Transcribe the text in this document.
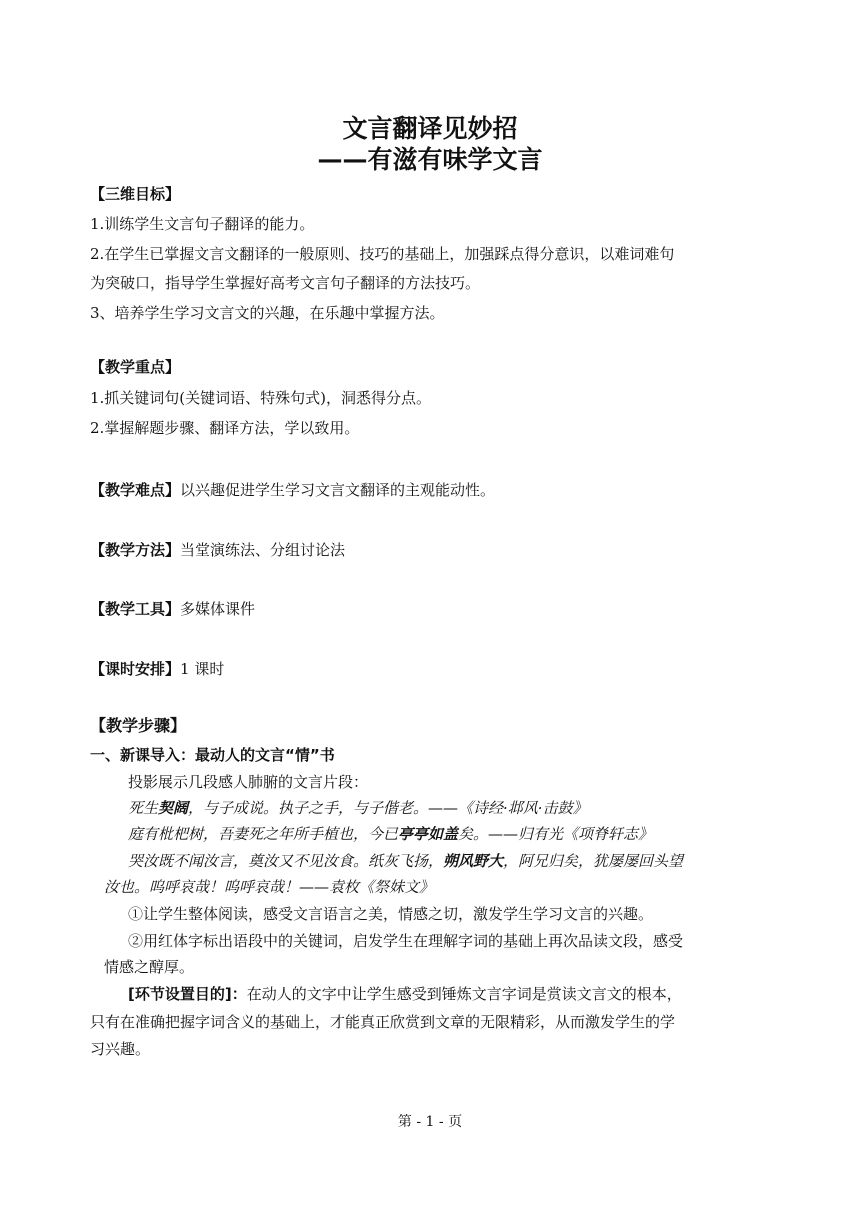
文言翻译见妙招
——有滋有味学文言
【三维目标】
1.训练学生文言句子翻译的能力。
2.在学生已掌握文言文翻译的一般原则、技巧的基础上，加强踩点得分意识，以难词难句
为突破口，指导学生掌握好高考文言句子翻译的方法技巧。
3、培养学生学习文言文的兴趣，在乐趣中掌握方法。
【教学重点】
1.抓关键词句(关键词语、特殊句式)，洞悉得分点。
2.掌握解题步骤、翻译方法，学以致用。
【教学难点】以兴趣促进学生学习文言文翻译的主观能动性。
【教学方法】当堂演练法、分组讨论法
【教学工具】多媒体课件
【课时安排】1 课时
【教学步骤】
一、新课导入：最动人的文言“情”书
投影展示几段感人肺腑的文言片段：
死生契阔，与子成说。执子之手，与子偕老。——《诗经·邶风·击鼓》
庭有枇杷树，吾妻死之年所手植也，今已亭亭如盖矣。——归有光《项脊轩志》
哭汝既不闻汝言，奠汝又不见汝食。纸灰飞扬，朔风野大，阿兄归矣，犹屡屡回头望
汝也。呜呼哀哉！呜呼哀哉！——袁枚《祭妹文》
①让学生整体阅读，感受文言语言之美，情感之切，激发学生学习文言的兴趣。
②用红体字标出语段中的关键词，启发学生在理解字词的基础上再次品读文段，感受
情感之醇厚。
[环节设置目的]：在动人的文字中让学生感受到锤炼文言字词是赏读文言文的根本，
只有在准确把握字词含义的基础上，才能真正欣赏到文章的无限精彩，从而激发学生的学
习兴趣。
第 - 1 - 页
